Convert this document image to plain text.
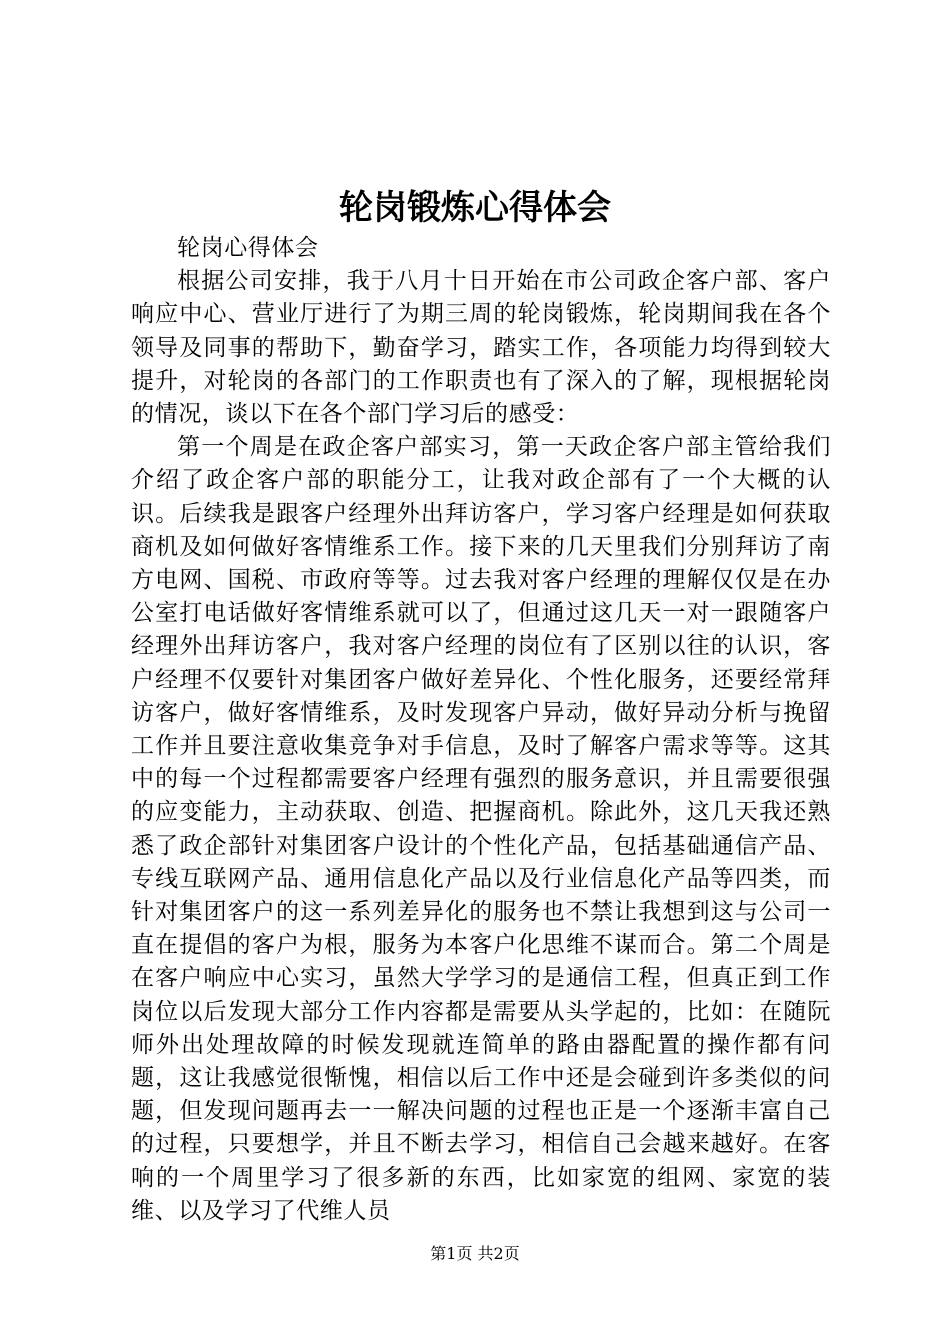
轮岗锻炼心得体会

轮岗心得体会

根据公司安排，我于八月十日开始在市公司政企客户部、客户响应中心、营业厅进行了为期三周的轮岗锻炼，轮岗期间我在各个领导及同事的帮助下，勤奋学习，踏实工作，各项能力均得到较大提升，对轮岗的各部门的工作职责也有了深入的了解，现根据轮岗的情况，谈以下在各个部门学习后的感受：

第一个周是在政企客户部实习，第一天政企客户部主管给我们介绍了政企客户部的职能分工，让我对政企部有了一个大概的认识。后续我是跟客户经理外出拜访客户，学习客户经理是如何获取商机及如何做好客情维系工作。接下来的几天里我们分别拜访了南方电网、国税、市政府等等。过去我对客户经理的理解仅仅是在办公室打电话做好客情维系就可以了，但通过这几天一对一跟随客户经理外出拜访客户，我对客户经理的岗位有了区别以往的认识，客户经理不仅要针对集团客户做好差异化、个性化服务，还要经常拜访客户，做好客情维系，及时发现客户异动，做好异动分析与挽留工作并且要注意收集竞争对手信息，及时了解客户需求等等。这其中的每一个过程都需要客户经理有强烈的服务意识，并且需要很强的应变能力，主动获取、创造、把握商机。除此外，这几天我还熟悉了政企部针对集团客户设计的个性化产品，包括基础通信产品、专线互联网产品、通用信息化产品以及行业信息化产品等四类，而针对集团客户的这一系列差异化的服务也不禁让我想到这与公司一直在提倡的客户为根，服务为本客户化思维不谋而合。第二个周是在客户响应中心实习，虽然大学学习的是通信工程，但真正到工作岗位以后发现大部分工作内容都是需要从头学起的，比如：在随阮师外出处理故障的时候发现就连简单的路由器配置的操作都有问题，这让我感觉很惭愧，相信以后工作中还是会碰到许多类似的问题，但发现问题再去一一解决问题的过程也正是一个逐渐丰富自己的过程，只要想学，并且不断去学习，相信自己会越来越好。在客响的一个周里学习了很多新的东西，比如家宽的组网、家宽的装维、以及学习了代维人员

第1页 共2页
